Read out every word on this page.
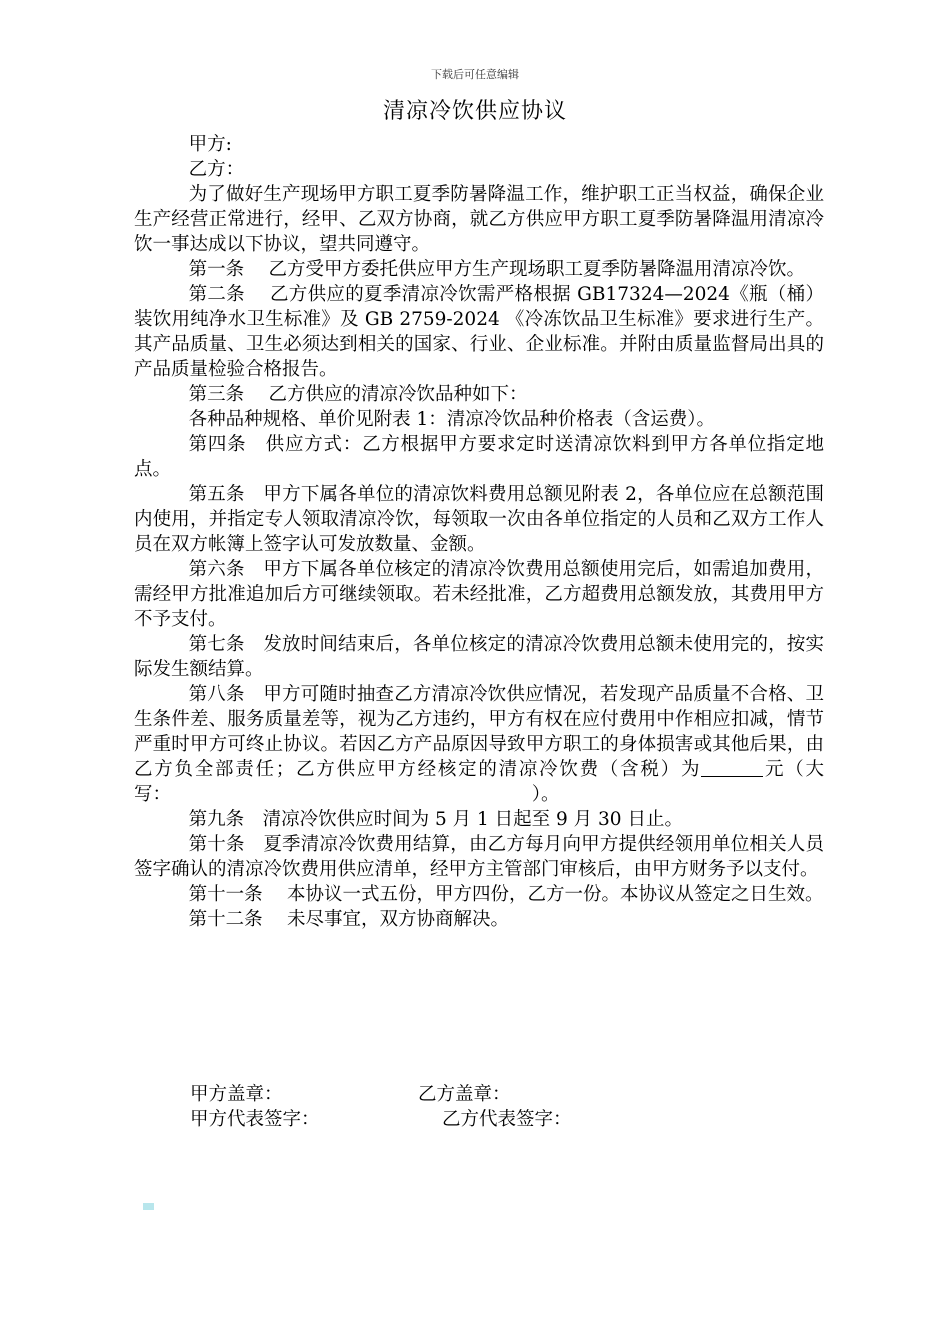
下载后可任意编辑
清凉冷饮供应协议

甲方:

乙方：

为了做好生产现场甲方职工夏季防暑降温工作，维护职工正当权益，确保企业生产经营正常进行，经甲、乙双方协商，就乙方供应甲方职工夏季防暑降温用清凉冷饮一事达成以下协议，望共同遵守。

第一条　 乙方受甲方委托供应甲方生产现场职工夏季防暑降温用清凉冷饮。

第二条　 乙方供应的夏季清凉冷饮需严格根据 GB17324—2024《瓶（桶）装饮用纯净水卫生标准》及 GB 2759-2024 《冷冻饮品卫生标准》要求进行生产。其产品质量、卫生必须达到相关的国家、行业、企业标准。并附由质量监督局出具的产品质量检验合格报告。

第三条　 乙方供应的清凉冷饮品种如下：

各种品种规格、单价见附表 1：清凉冷饮品种价格表（含运费）。

第四条　供应方式：乙方根据甲方要求定时送清凉饮料到甲方各单位指定地点。

第五条　甲方下属各单位的清凉饮料费用总额见附表 2，各单位应在总额范围内使用，并指定专人领取清凉冷饮，每领取一次由各单位指定的人员和乙双方工作人员在双方帐簿上签字认可发放数量、金额。

第六条　甲方下属各单位核定的清凉冷饮费用总额使用完后，如需追加费用，需经甲方批准追加后方可继续领取。若未经批准，乙方超费用总额发放，其费用甲方不予支付。

第七条　发放时间结束后，各单位核定的清凉冷饮费用总额未使用完的，按实际发生额结算。

第八条　甲方可随时抽查乙方清凉冷饮供应情况，若发现产品质量不合格、卫生条件差、服务质量差等，视为乙方违约，甲方有权在应付费用中作相应扣减，情节严重时甲方可终止协议。若因乙方产品原因导致甲方职工的身体损害或其他后果，由乙方负全部责任；乙方供应甲方经核定的清凉冷饮费（含税）为	元（大写：　　　　　　　　　　　　　　　　　　　　）。

第九条　清凉冷饮供应时间为 5 月 1 日起至 9 月 30 日止。

第十条　夏季清凉冷饮费用结算，由乙方每月向甲方提供经领用单位相关人员签字确认的清凉冷饮费用供应清单，经甲方主管部门审核后，由甲方财务予以支付。

第十一条　 本协议一式五份，甲方四份，乙方一份。本协议从签定之日生效。

第十二条　 未尽事宜，双方协商解决。

甲方盖章：	乙方盖章：
甲方代表签字：	乙方代表签字：
